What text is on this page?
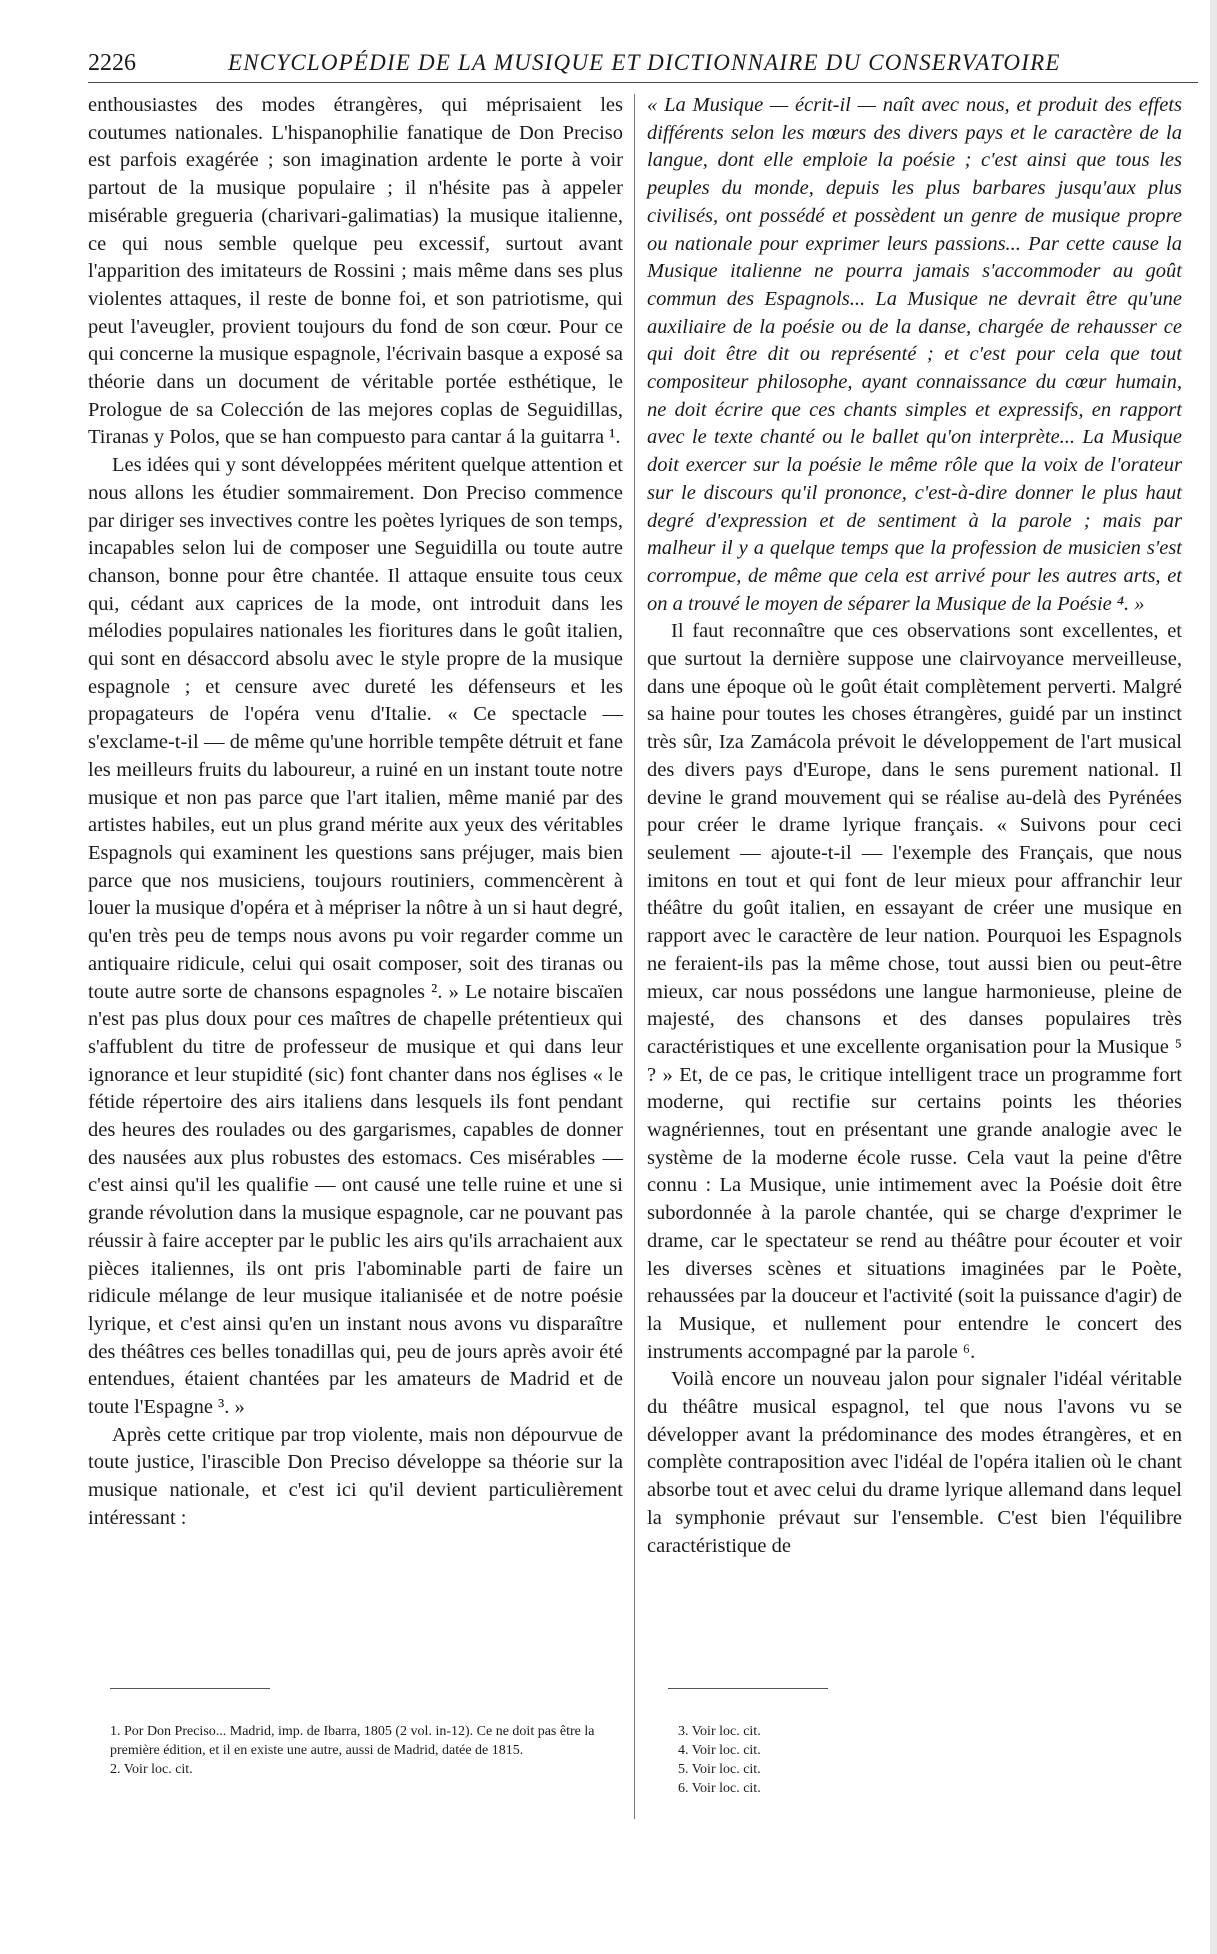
2226	ENCYCLOPÉDIE DE LA MUSIQUE ET DICTIONNAIRE DU CONSERVATOIRE

enthousiastes des modes étrangères, qui méprisaient les coutumes nationales. L'hispanophilie fanatique de Don Preciso est parfois exagérée ; son imagination ardente le porte à voir partout de la musique populaire ; il n'hésite pas à appeler misérable gregueria (charivari-galimatias) la musique italienne, ce qui nous semble quelque peu excessif, surtout avant l'apparition des imitateurs de Rossini ; mais même dans ses plus violentes attaques, il reste de bonne foi, et son patriotisme, qui peut l'aveugler, provient toujours du fond de son cœur. Pour ce qui concerne la musique espagnole, l'écrivain basque a exposé sa théorie dans un document de véritable portée esthétique, le Prologue de sa Colección de las mejores coplas de Seguidillas, Tiranas y Polos, que se han compuesto para cantar á la guitarra ¹.

Les idées qui y sont développées méritent quelque attention et nous allons les étudier sommairement. Don Preciso commence par diriger ses invectives contre les poètes lyriques de son temps, incapables selon lui de composer une Seguidilla ou toute autre chanson, bonne pour être chantée. Il attaque ensuite tous ceux qui, cédant aux caprices de la mode, ont introduit dans les mélodies populaires nationales les fioritures dans le goût italien, qui sont en désaccord absolu avec le style propre de la musique espagnole ; et censure avec dureté les défenseurs et les propagateurs de l'opéra venu d'Italie. « Ce spectacle — s'exclame-t-il — de même qu'une horrible tempête détruit et fane les meilleurs fruits du laboureur, a ruiné en un instant toute notre musique et non pas parce que l'art italien, même manié par des artistes habiles, eut un plus grand mérite aux yeux des véritables Espagnols qui examinent les questions sans préjuger, mais bien parce que nos musiciens, toujours routiniers, commencèrent à louer la musique d'opéra et à mépriser la nôtre à un si haut degré, qu'en très peu de temps nous avons pu voir regarder comme un antiquaire ridicule, celui qui osait composer, soit des tiranas ou toute autre sorte de chansons espagnoles ². » Le notaire biscaïen n'est pas plus doux pour ces maîtres de chapelle prétentieux qui s'affublent du titre de professeur de musique et qui dans leur ignorance et leur stupidité (sic) font chanter dans nos églises « le fétide répertoire des airs italiens dans lesquels ils font pendant des heures des roulades ou des gargarismes, capables de donner des nausées aux plus robustes des estomacs. Ces misérables — c'est ainsi qu'il les qualifie — ont causé une telle ruine et une si grande révolution dans la musique espagnole, car ne pouvant pas réussir à faire accepter par le public les airs qu'ils arrachaient aux pièces italiennes, ils ont pris l'abominable parti de faire un ridicule mélange de leur musique italianisée et de notre poésie lyrique, et c'est ainsi qu'en un instant nous avons vu disparaître des théâtres ces belles tonadillas qui, peu de jours après avoir été entendues, étaient chantées par les amateurs de Madrid et de toute l'Espagne ³. »

Après cette critique par trop violente, mais non dépourvue de toute justice, l'irascible Don Preciso développe sa théorie sur la musique nationale, et c'est ici qu'il devient particulièrement intéressant :

« La Musique — écrit-il — naît avec nous, et produit des effets différents selon les mœurs des divers pays et le caractère de la langue, dont elle emploie la poésie ; c'est ainsi que tous les peuples du monde, depuis les plus barbares jusqu'aux plus civilisés, ont possédé et possèdent un genre de musique propre ou nationale pour exprimer leurs passions... Par cette cause la Musique italienne ne pourra jamais s'accommoder au goût commun des Espagnols... La Musique ne devrait être qu'une auxiliaire de la poésie ou de la danse, chargée de rehausser ce qui doit être dit ou représenté ; et c'est pour cela que tout compositeur philosophe, ayant connaissance du cœur humain, ne doit écrire que ces chants simples et expressifs, en rapport avec le texte chanté ou le ballet qu'on interprète... La Musique doit exercer sur la poésie le même rôle que la voix de l'orateur sur le discours qu'il prononce, c'est-à-dire donner le plus haut degré d'expression et de sentiment à la parole ; mais par malheur il y a quelque temps que la profession de musicien s'est corrompue, de même que cela est arrivé pour les autres arts, et on a trouvé le moyen de séparer la Musique de la Poésie ⁴. »

Il faut reconnaître que ces observations sont excellentes, et que surtout la dernière suppose une clairvoyance merveilleuse, dans une époque où le goût était complètement perverti. Malgré sa haine pour toutes les choses étrangères, guidé par un instinct très sûr, Iza Zamácola prévoit le développement de l'art musical des divers pays d'Europe, dans le sens purement national. Il devine le grand mouvement qui se réalise au-delà des Pyrénées pour créer le drame lyrique français. « Suivons pour ceci seulement — ajoute-t-il — l'exemple des Français, que nous imitons en tout et qui font de leur mieux pour affranchir leur théâtre du goût italien, en essayant de créer une musique en rapport avec le caractère de leur nation. Pourquoi les Espagnols ne feraient-ils pas la même chose, tout aussi bien ou peut-être mieux, car nous possédons une langue harmonieuse, pleine de majesté, des chansons et des danses populaires très caractéristiques et une excellente organisation pour la Musique ⁵ ? » Et, de ce pas, le critique intelligent trace un programme fort moderne, qui rectifie sur certains points les théories wagnériennes, tout en présentant une grande analogie avec le système de la moderne école russe. Cela vaut la peine d'être connu : La Musique, unie intimement avec la Poésie doit être subordonnée à la parole chantée, qui se charge d'exprimer le drame, car le spectateur se rend au théâtre pour écouter et voir les diverses scènes et situations imaginées par le Poète, rehaussées par la douceur et l'activité (soit la puissance d'agir) de la Musique, et nullement pour entendre le concert des instruments accompagné par la parole ⁶.

Voilà encore un nouveau jalon pour signaler l'idéal véritable du théâtre musical espagnol, tel que nous l'avons vu se développer avant la prédominance des modes étrangères, et en complète contraposition avec l'idéal de l'opéra italien où le chant absorbe tout et avec celui du drame lyrique allemand dans lequel la symphonie prévaut sur l'ensemble. C'est bien l'équilibre caractéristique de

1. Por Don Preciso... Madrid, imp. de Ibarra, 1805 (2 vol. in-12). Ce ne doit pas être la première édition, et il en existe une autre, aussi de Madrid, datée de 1815.
2. Voir loc. cit.
3. Voir loc. cit.
4. Voir loc. cit.
5. Voir loc. cit.
6. Voir loc. cit.
